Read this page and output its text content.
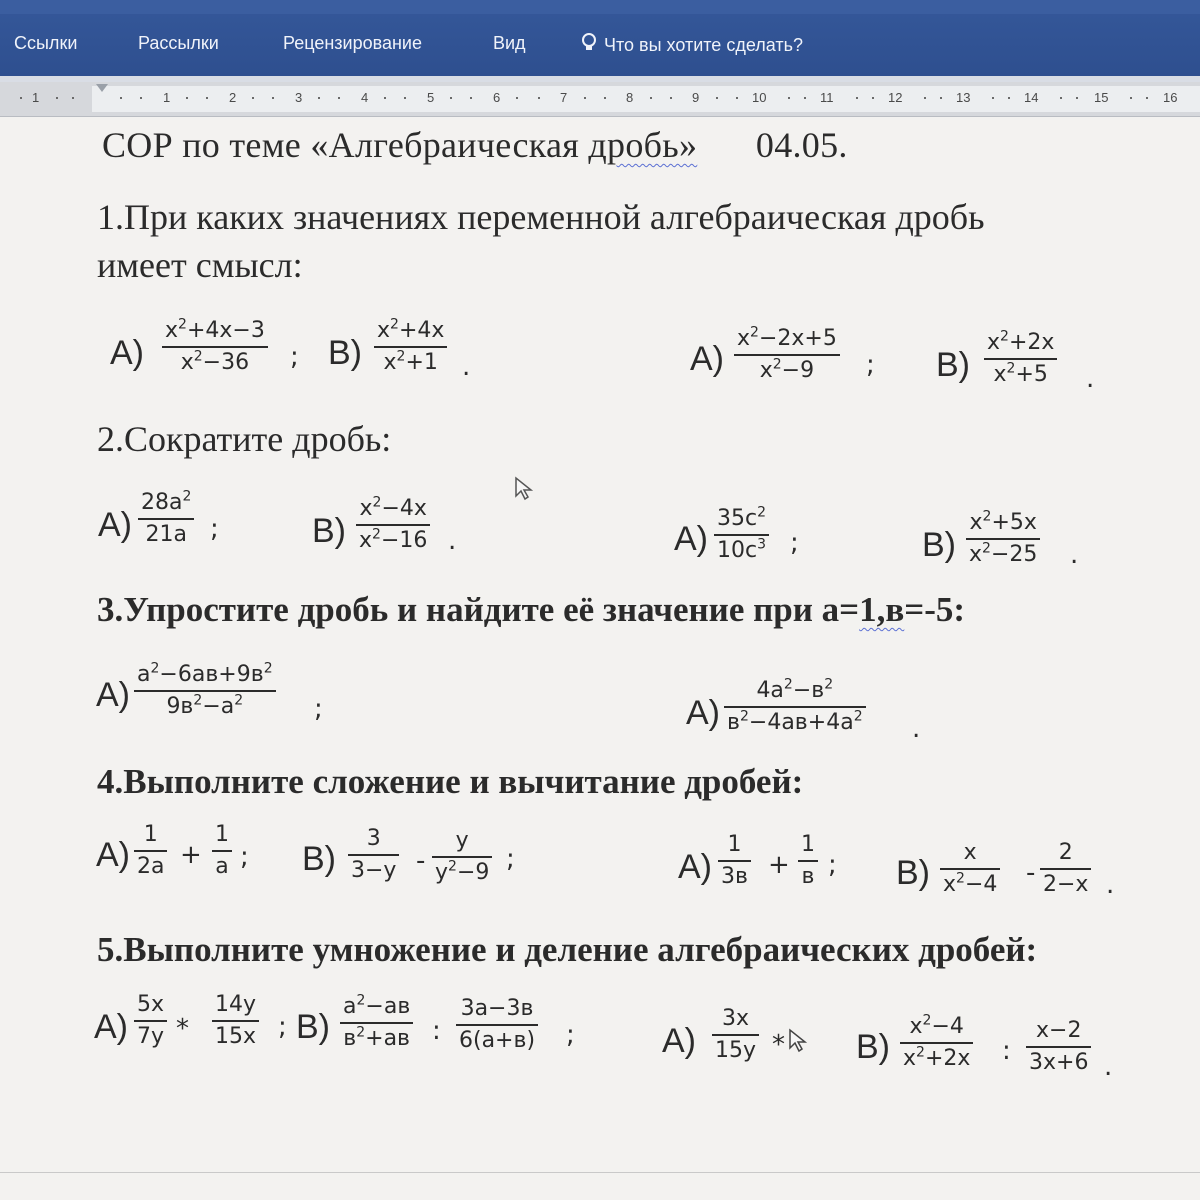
Ссылки	Рассылки	Рецензирование	Вид	Что вы хотите сделать?
1	1	2	3	4	5	6	7	8	9	10	11	12	13	14	15	16
СОР по теме «Алгебраическая дробь» 04.05.
1.При каких значениях переменной алгебраическая дробь
имеет смысл:
А)
$x^2+4x-3$
$x^2-36$ ; В)
$x^2+4x$
$x^2+1$ .	А)
$x^2-2x+5$
$x^2-9$ ; В)
$x^2+2x$
$x^2+5$ .
2.Сократите дробь:
А)
$28a^2$
21a ;	В)
$x^2-4x$
$x^2-16$ .	А)
$35c^2$
$10c^3$ ;	В)
$x^2+5x$
$x^2-25$ .
3.Упростите дробь и найдите её значение при а=1,в=-5:
А)
$a^2-6aв+9в^2$
$9в^2-a^2$	;	А)
$4a^2-в^2$
$в^2-4aв+4a^2$ .
4.Выполните сложение и вычитание дробей:
А)
1
2a +
1
a ; В)
3
3−y -
y
$y^2-9$ ;	А)
1
3в +
1
в ; В)
x
$x^2-4$ -
2
2−x .
5.Выполните умножение и деление алгебраических дробей:
А)
5x
7y *
14y
15x ; В)
$a^2-aв$
$в^2+aв$ :
3a−3в
6(a+в) ;	А)
3x
15y * В)
$x^2-4$
$x^2+2x$ :
x−2
3x+6 .
